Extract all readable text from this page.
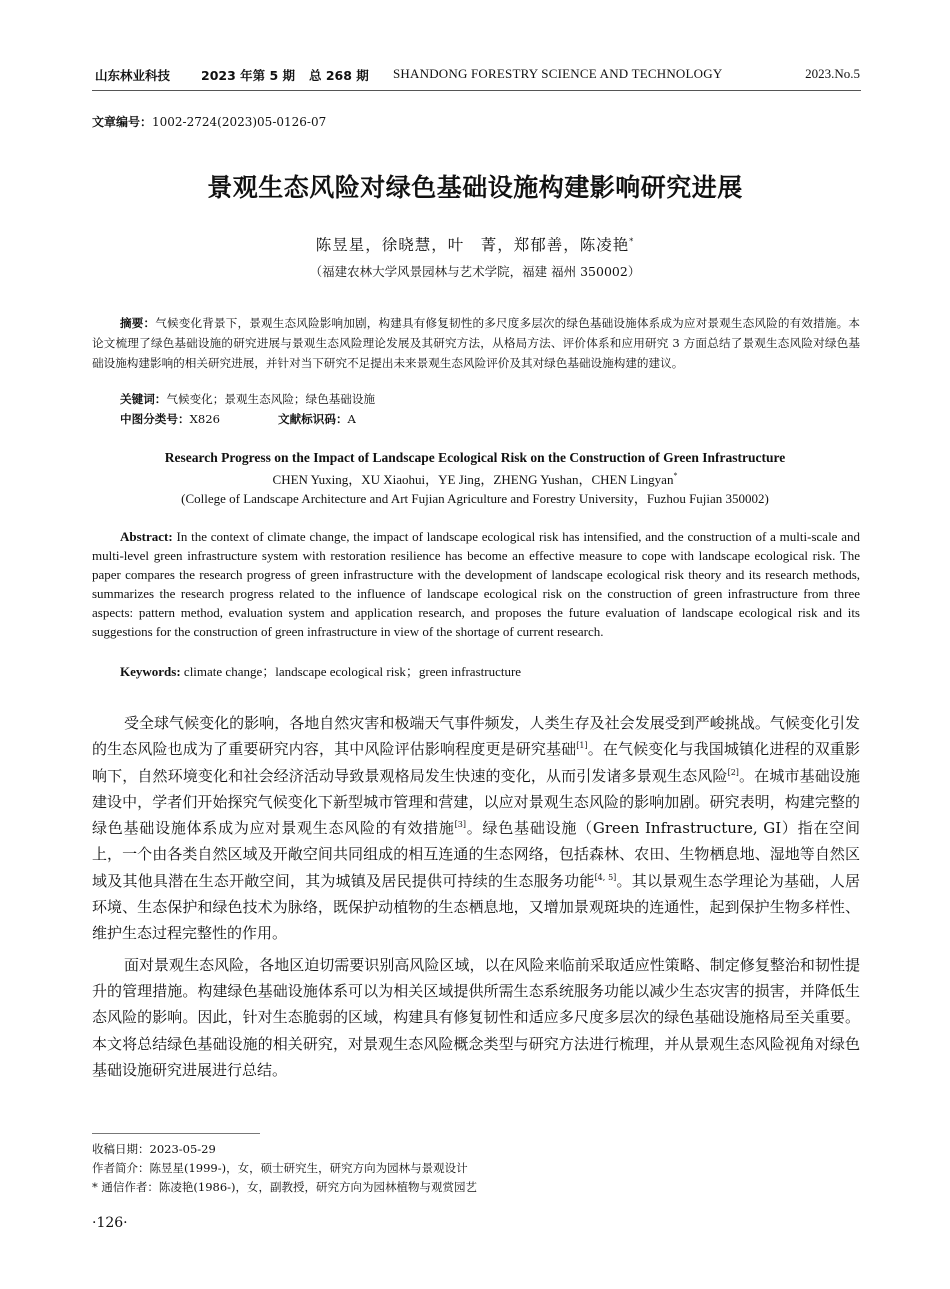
山东林业科技 2023 年第 5 期 总 268 期 SHANDONG FORESTRY SCIENCE AND TECHNOLOGY	2023.No.5
文章编号：1002-2724(2023)05-0126-07
景观生态风险对绿色基础设施构建影响研究进展
陈昱星，徐晓慧，叶　菁，郑郁善，陈凌艳*
（福建农林大学风景园林与艺术学院，福建 福州 350002）
摘要：气候变化背景下，景观生态风险影响加剧，构建具有修复韧性的多尺度多层次的绿色基础设施体系成为应对景观生态风险的有效措施。本论文梳理了绿色基础设施的研究进展与景观生态风险理论发展及其研究方法，从格局方法、评价体系和应用研究 3 方面总结了景观生态风险对绿色基础设施构建影响的相关研究进展，并针对当下研究不足提出未来景观生态风险评价及其对绿色基础设施构建的建议。
关键词：气候变化；景观生态风险；绿色基础设施
中图分类号：X826	文献标识码：A
Research Progress on the Impact of Landscape Ecological Risk on the Construction of Green Infrastructure
CHEN Yuxing，XU Xiaohui，YE Jing，ZHENG Yushan，CHEN Lingyan*
(College of Landscape Architecture and Art Fujian Agriculture and Forestry University，Fuzhou Fujian 350002)
Abstract: In the context of climate change, the impact of landscape ecological risk has intensified, and the construction of a multi-scale and multi-level green infrastructure system with restoration resilience has become an effective measure to cope with landscape ecological risk. The paper compares the research progress of green infrastructure with the development of landscape ecological risk theory and its research methods, summarizes the research progress related to the influence of landscape ecological risk on the construction of green infrastructure from three aspects: pattern method, evaluation system and application research, and proposes the future evaluation of landscape ecological risk and its suggestions for the construction of green infrastructure in view of the shortage of current research.
Keywords: climate change；landscape ecological risk；green infrastructure

受全球气候变化的影响，各地自然灾害和极端天气事件频发，人类生存及社会发展受到严峻挑战。气候变化引发的生态风险也成为了重要研究内容，其中风险评估影响程度更是研究基础[1]。在气候变化与我国城镇化进程的双重影响下，自然环境变化和社会经济活动导致景观格局发生快速的变化，从而引发诸多景观生态风险[2]。在城市基础设施建设中，学者们开始探究气候变化下新型城市管理和营建，以应对景观生态风险的影响加剧。研究表明，构建完整的绿色基础设施体系成为应对景观生态风险的有效措施[3]。绿色基础设施（Green Infrastructure, GI）指在空间上，一个由各类自然区域及开敞空间共同组成的相互连通的生态网络，包括森林、农田、生物栖息地、湿地等自然区域及其他具潜在生态开敞空间，其为城镇及居民提供可持续的生态服务功能[4, 5]。其以景观生态学理论为基础，人居环境、生态保护和绿色技术为脉络，既保护动植物的生态栖息地，又增加景观斑块的连通性，起到保护生物多样性、维护生态过程完整性的作用。

面对景观生态风险，各地区迫切需要识别高风险区域，以在风险来临前采取适应性策略、制定修复整治和韧性提升的管理措施。构建绿色基础设施体系可以为相关区域提供所需生态系统服务功能以减少生态灾害的损害，并降低生态风险的影响。因此，针对生态脆弱的区域，构建具有修复韧性和适应多尺度多层次的绿色基础设施格局至关重要。本文将总结绿色基础设施的相关研究，对景观生态风险概念类型与研究方法进行梳理，并从景观生态风险视角对绿色基础设施研究进展进行总结。

收稿日期：2023-05-29
作者简介：陈昱星(1999-)，女，硕士研究生，研究方向为园林与景观设计
* 通信作者：陈凌艳(1986-)，女，副教授，研究方向为园林植物与观赏园艺
·126·
